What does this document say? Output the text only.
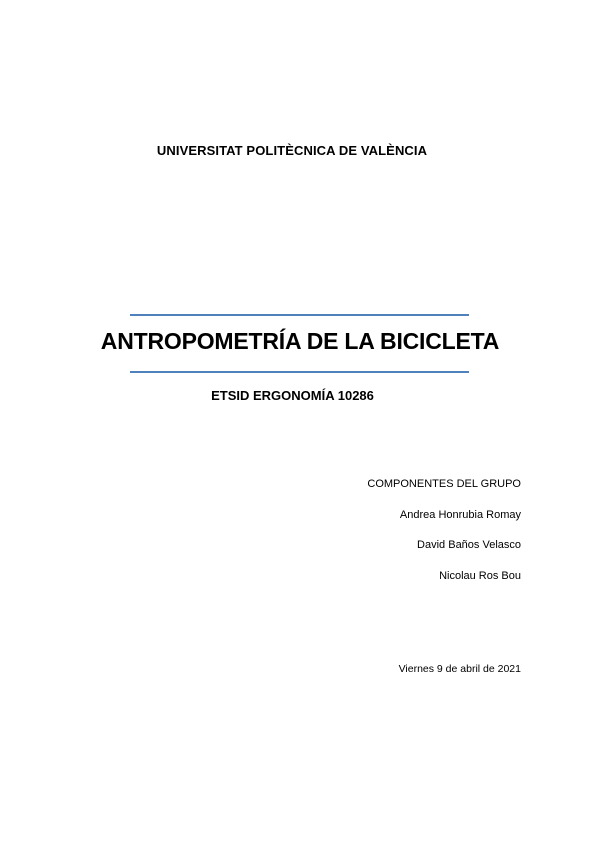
UNIVERSITAT POLITÈCNICA DE VALÈNCIA
ANTROPOMETRÍA DE LA BICICLETA
ETSID ERGONOMÍA 10286
COMPONENTES DEL GRUPO
Andrea Honrubia Romay
David Baños Velasco
Nicolau Ros Bou
Viernes 9 de abril de 2021
